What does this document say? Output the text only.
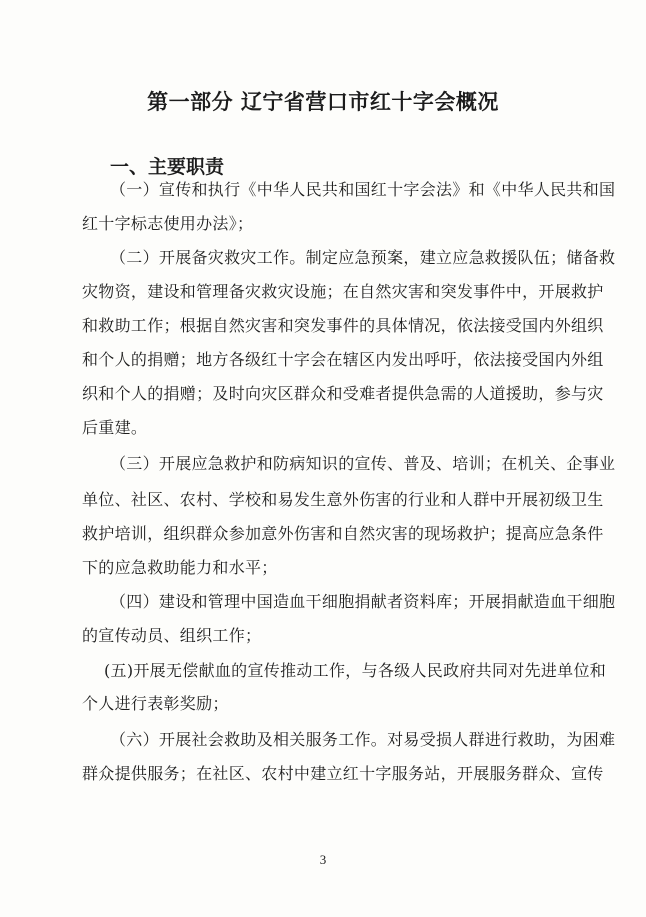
第一部分 辽宁省营口市红十字会概况
一、主要职责
（一）宣传和执行《中华人民共和国红十字会法》和《中华人民共和国
红十字标志使用办法》；
（二）开展备灾救灾工作。制定应急预案，建立应急救援队伍；储备救
灾物资，建设和管理备灾救灾设施；在自然灾害和突发事件中，开展救护
和救助工作；根据自然灾害和突发事件的具体情况，依法接受国内外组织
和个人的捐赠；地方各级红十字会在辖区内发出呼吁，依法接受国内外组
织和个人的捐赠；及时向灾区群众和受难者提供急需的人道援助，参与灾
后重建。
（三）开展应急救护和防病知识的宣传、普及、培训；在机关、企事业
单位、社区、农村、学校和易发生意外伤害的行业和人群中开展初级卫生
救护培训，组织群众参加意外伤害和自然灾害的现场救护；提高应急条件
下的应急救助能力和水平；
（四）建设和管理中国造血干细胞捐献者资料库；开展捐献造血干细胞
的宣传动员、组织工作；
(五)开展无偿献血的宣传推动工作，与各级人民政府共同对先进单位和
个人进行表彰奖励；
（六）开展社会救助及相关服务工作。对易受损人群进行救助，为困难
群众提供服务；在社区、农村中建立红十字服务站，开展服务群众、宣传
3
